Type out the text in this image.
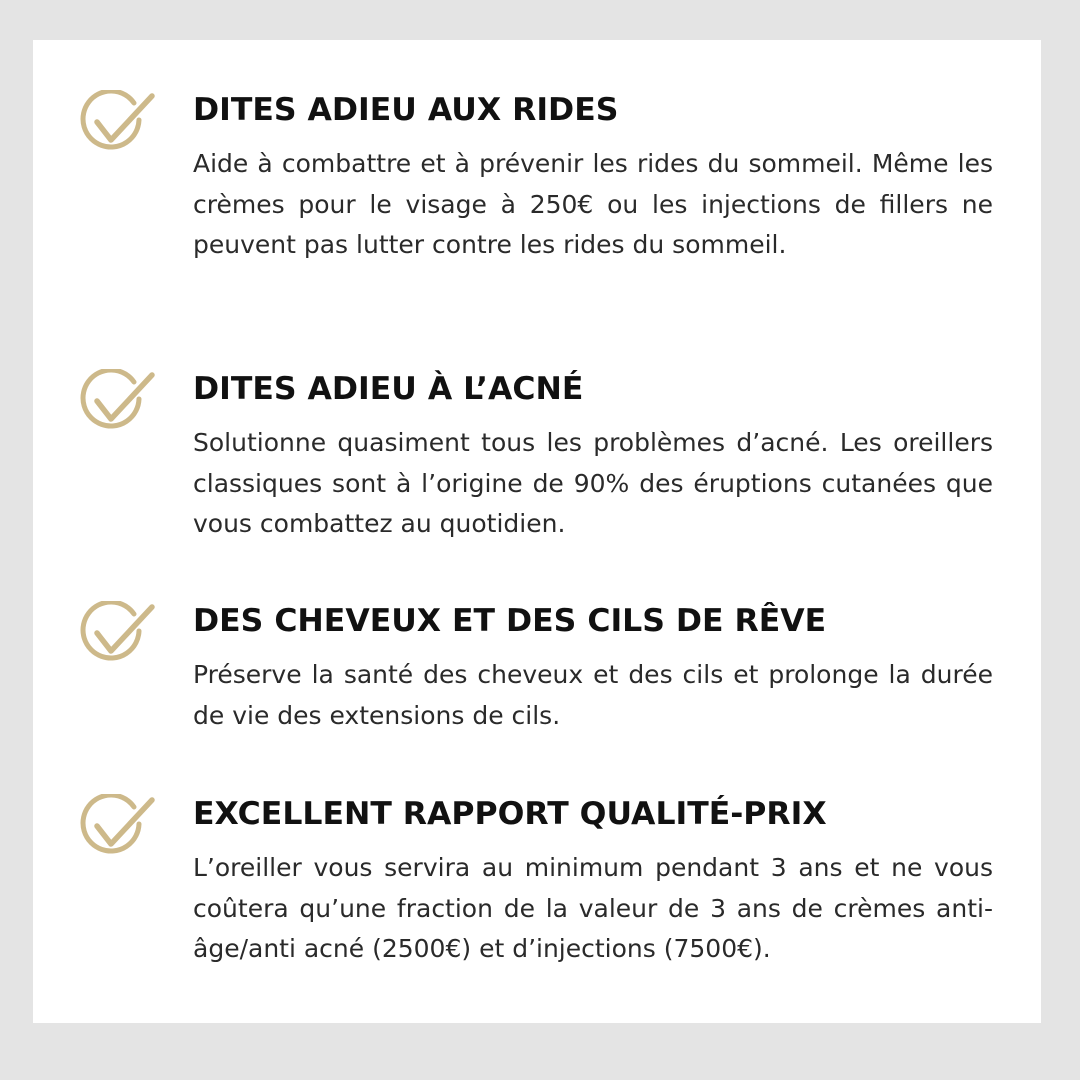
DITES ADIEU AUX RIDES

Aide à combattre et à prévenir les rides du sommeil. Même les crèmes pour le visage à 250€ ou les injections de fillers ne peuvent pas lutter contre les rides du sommeil.

DITES ADIEU À L’ACNÉ

Solutionne quasiment tous les problèmes d’acné. Les oreillers classiques sont à l’origine de 90% des éruptions cutanées que vous combattez au quotidien.

DES CHEVEUX ET DES CILS DE RÊVE

Préserve la santé des cheveux et des cils et prolonge la durée de vie des extensions de cils.

EXCELLENT RAPPORT QUALITÉ-PRIX

L’oreiller vous servira au minimum pendant 3 ans et ne vous coûtera qu’une fraction de la valeur de 3 ans de crèmes anti-âge/anti acné (2500€) et d’injections (7500€).
